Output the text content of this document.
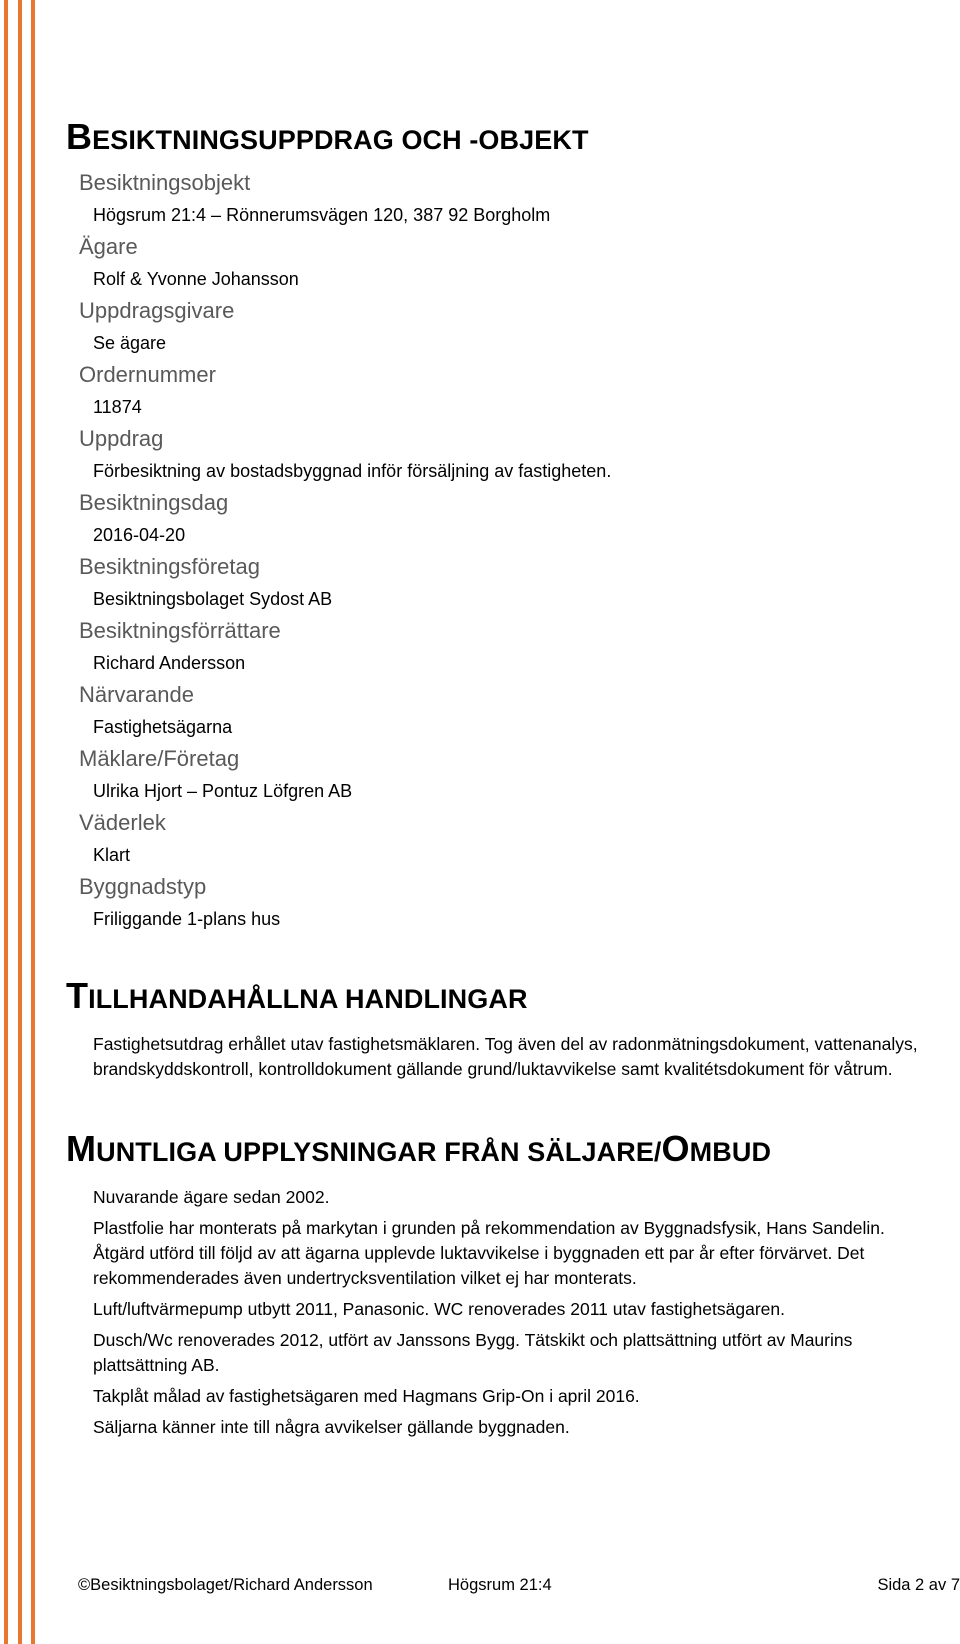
BESIKTNINGSUPPDRAG OCH -OBJEKT
Besiktningsobjekt
Högsrum 21:4 – Rönnerumsvägen 120, 387 92 Borgholm
Ägare
Rolf & Yvonne Johansson
Uppdragsgivare
Se ägare
Ordernummer
11874
Uppdrag
Förbesiktning av bostadsbyggnad inför försäljning av fastigheten.
Besiktningsdag
2016-04-20
Besiktningsföretag
Besiktningsbolaget Sydost AB
Besiktningsförrättare
Richard Andersson
Närvarande
Fastighetsägarna
Mäklare/Företag
Ulrika Hjort – Pontuz Löfgren AB
Väderlek
Klart
Byggnadstyp
Friliggande 1-plans hus
TILLHANDAHÅLLNA HANDLINGAR

Fastighetsutdrag erhållet utav fastighetsmäklaren. Tog även del av radonmätningsdokument, vattenanalys, brandskyddskontroll, kontrolldokument gällande grund/luktavvikelse samt kvalitétsdokument för våtrum.

MUNTLIGA UPPLYSNINGAR FRÅN SÄLJARE/OMBUD

Nuvarande ägare sedan 2002.

Plastfolie har monterats på markytan i grunden på rekommendation av Byggnadsfysik, Hans Sandelin. Åtgärd utförd till följd av att ägarna upplevde luktavvikelse i byggnaden ett par år efter förvärvet. Det rekommenderades även undertrycksventilation vilket ej har monterats.

Luft/luftvärmepump utbytt 2011, Panasonic. WC renoverades 2011 utav fastighetsägaren.

Dusch/Wc renoverades 2012, utfört av Janssons Bygg. Tätskikt och plattsättning utfört av Maurins plattsättning AB.

Takplåt målad av fastighetsägaren med Hagmans Grip-On i april 2016.

Säljarna känner inte till några avvikelser gällande byggnaden.

©Besiktningsbolaget/Richard Andersson	Högsrum 21:4	Sida 2 av 7
